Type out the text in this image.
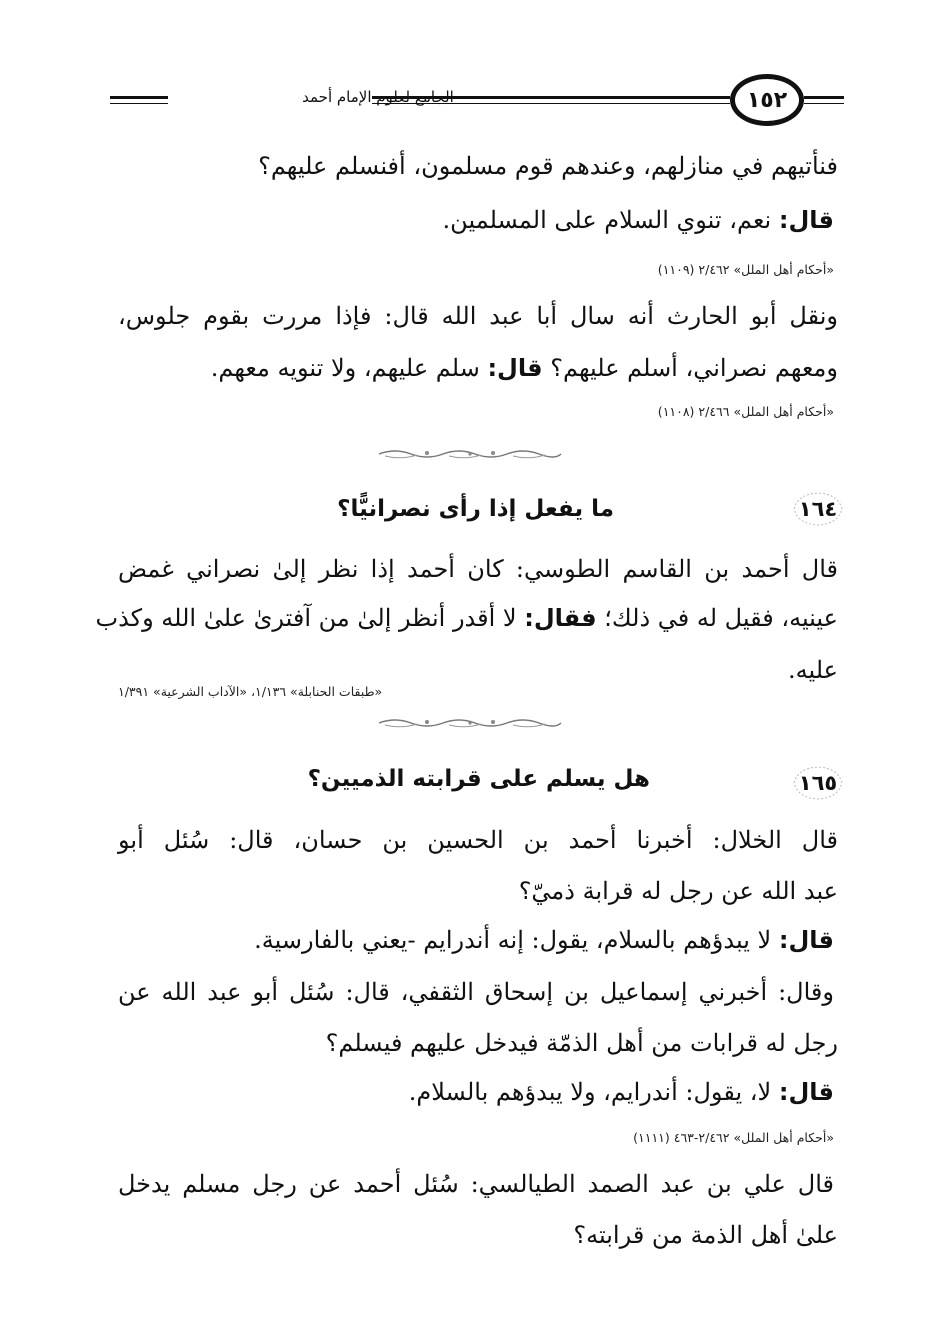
الجامع لعلوم الإمام أحمد	١٥٢
فنأتيهم في منازلهم، وعندهم قوم مسلمون، أفنسلم عليهم؟
قال: نعم، تنوي السلام على المسلمين.
«أحكام أهل الملل» ٢/٤٦٢ (١١٠٩)
ونقل أبو الحارث أنه سال أبا عبد الله قال: فإذا مررت بقوم جلوس،
ومعهم نصراني، أسلم عليهم؟ قال: سلم عليهم، ولا تنويه معهم.
«أحكام أهل الملل» ٢/٤٦٦ (١١٠٨)
١٦٤
ما يفعل إذا رأى نصرانيًّا؟
قال أحمد بن القاسم الطوسي: كان أحمد إذا نظر إلىٰ نصراني غمض
عينيه، فقيل له في ذلك؛ فقال: لا أقدر أنظر إلىٰ من آفترىٰ علىٰ الله وكذب
عليه.
«طبقات الحنابلة» ١/١٣٦، «الآداب الشرعية» ١/٣٩١
١٦٥
هل يسلم على قرابته الذميين؟
قال الخلال: أخبرنا أحمد بن الحسين بن حسان، قال: سُئل أبو
عبد الله عن رجل له قرابة ذميّ؟
قال: لا يبدؤهم بالسلام، يقول: إنه أندرايم -يعني بالفارسية.
وقال: أخبرني إسماعيل بن إسحاق الثقفي، قال: سُئل أبو عبد الله عن
رجل له قرابات من أهل الذمّة فيدخل عليهم فيسلم؟
قال: لا، يقول: أندرايم، ولا يبدؤهم بالسلام.
«أحكام أهل الملل» ٢/٤٦٢-٤٦٣ (١١١١)
قال علي بن عبد الصمد الطيالسي: سُئل أحمد عن رجل مسلم يدخل
علىٰ أهل الذمة من قرابته؟
